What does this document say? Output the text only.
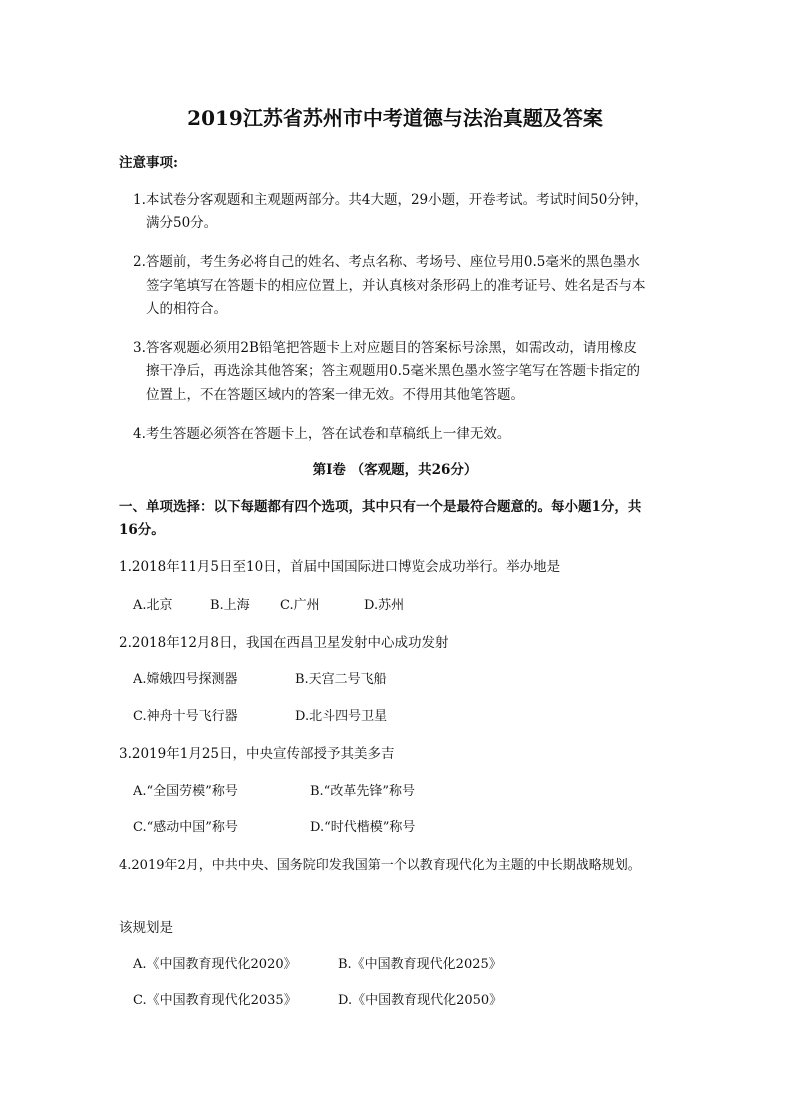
2019江苏省苏州市中考道德与法治真题及答案
注意事项:
1.本试卷分客观题和主观题两部分。共4大题，29小题，开卷考试。考试时间50分钟，
满分50分。
2.答题前，考生务必将自己的姓名、考点名称、考场号、座位号用0.5毫米的黑色墨水
签字笔填写在答题卡的相应位置上，并认真核对条形码上的准考证号、姓名是否与本
人的相符合。
3.答客观题必须用2B铅笔把答题卡上对应题目的答案标号涂黑，如需改动，请用橡皮
擦干净后，再选涂其他答案；答主观题用0.5毫米黑色墨水签字笔写在答题卡指定的
位置上，不在答题区域内的答案一律无效。不得用其他笔答题。
4.考生答题必须答在答题卡上，答在试卷和草稿纸上一律无效。
第Ⅰ卷 （客观题，共26分）
一、单项选择：以下每题都有四个选项，其中只有一个是最符合题意的。每小题1分，共
16分。
1.2018年11月5日至10日，首届中国国际进口博览会成功举行。举办地是
A.北京	B.上海 C.广州	D.苏州
2.2018年12月8日，我国在西昌卫星发射中心成功发射
A.嫦娥四号探测器	B.天宫二号飞船
C.神舟十号飞行器	D.北斗四号卫星
3.2019年1月25日，中央宣传部授予其美多吉
A.“全国劳模”称号	B.“改革先锋”称号
C.“感动中国”称号	D.“时代楷模”称号
4.2019年2月，中共中央、国务院印发我国第一个以教育现代化为主题的中长期战略规划。
该规划是
A.《中国教育现代化2020》	B.《中国教育现代化2025》
C.《中国教育现代化2035》	D.《中国教育现代化2050》
